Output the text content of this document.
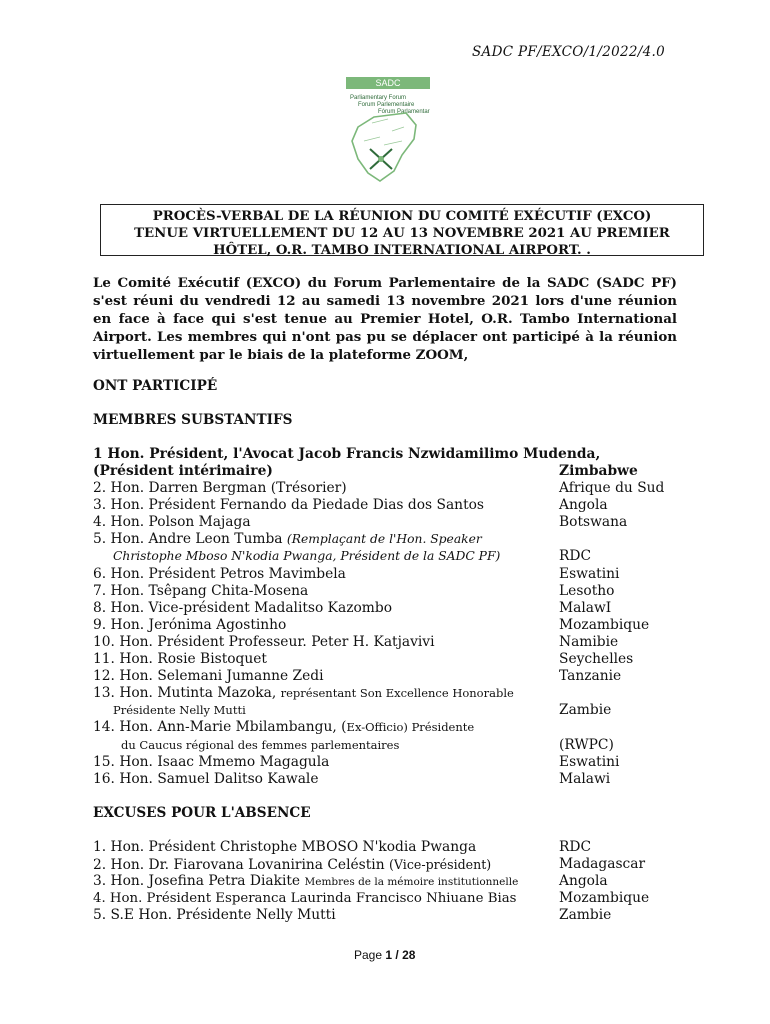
SADC PF/EXCO/1/2022/4.0
SADC
Parliamentary Forum
Forum Parlementaire
Fórum Parlamentar
PROCÈS-VERBAL DE LA RÉUNION DU COMITÉ EXÉCUTIF (EXCO)
TENUE VIRTUELLEMENT DU 12 AU 13 NOVEMBRE 2021 AU PREMIER
HÔTEL, O.R. TAMBO INTERNATIONAL AIRPORT. .
Le Comité Exécutif (EXCO) du Forum Parlementaire de la SADC (SADC PF) s'est réuni du vendredi 12 au samedi 13 novembre 2021 lors d'une réunion en face à face qui s'est tenue au Premier Hotel, O.R. Tambo International Airport. Les membres qui n'ont pas pu se déplacer ont participé à la réunion virtuellement par le biais de la plateforme ZOOM,
ONT PARTICIPÉ
MEMBRES SUBSTANTIFS
1 Hon. Président, l'Avocat Jacob Francis Nzwidamilimo Mudenda,
(Président intérimaire)	Zimbabwe
2. Hon. Darren Bergman (Trésorier)	Afrique du Sud
3. Hon. Président Fernando da Piedade Dias dos Santos	Angola
4. Hon. Polson Majaga	Botswana
5. Hon. Andre Leon Tumba (Remplaçant de l'Hon. Speaker
Christophe Mboso N'kodia Pwanga, Président de la SADC PF)	RDC
6. Hon. Président Petros Mavimbela	Eswatini
7. Hon. Tsêpang Chita-Mosena	Lesotho
8. Hon. Vice-président Madalitso Kazombo	MalawI
9. Hon. Jerónima Agostinho	Mozambique
10. Hon. Président Professeur. Peter H. Katjavivi	Namibie
11. Hon. Rosie Bistoquet	Seychelles
12. Hon. Selemani Jumanne Zedi	Tanzanie
13. Hon. Mutinta Mazoka, représentant Son Excellence Honorable
Présidente Nelly Mutti	Zambie
14. Hon. Ann-Marie Mbilambangu, (Ex-Officio) Présidente
du Caucus régional des femmes parlementaires	(RWPC)
15. Hon. Isaac Mmemo Magagula	Eswatini
16. Hon. Samuel Dalitso Kawale	Malawi
EXCUSES POUR L'ABSENCE
1. Hon. Président Christophe MBOSO N'kodia Pwanga	RDC
2. Hon. Dr. Fiarovana Lovanirina Celéstin (Vice-président)	Madagascar
3. Hon. Josefina Petra Diakite Membres de la mémoire institutionnelle	Angola
4. Hon. Président Esperanca Laurinda Francisco Nhiuane Bias	Mozambique
5. S.E Hon. Présidente Nelly Mutti	Zambie
Page 1 / 28
